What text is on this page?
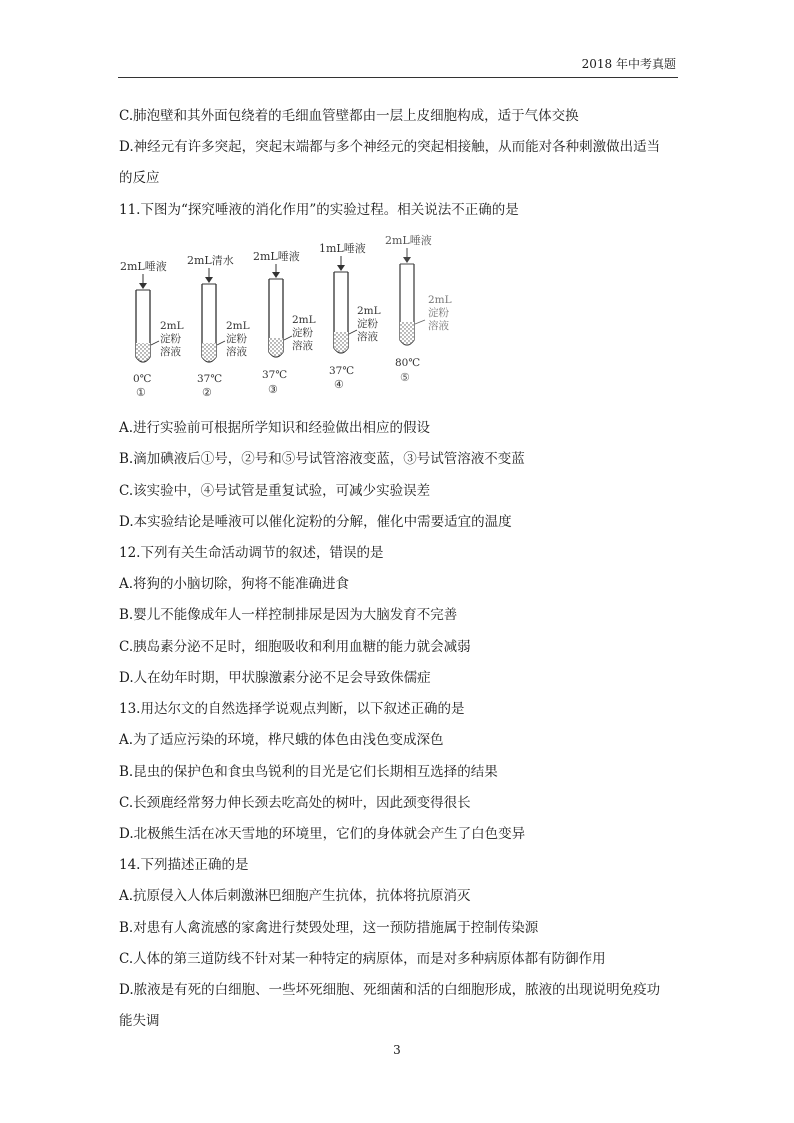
2018 年中考真题
C.肺泡壁和其外面包绕着的毛细血管壁都由一层上皮细胞构成，适于气体交换
D.神经元有许多突起，突起末端都与多个神经元的突起相接触，从而能对各种刺激做出适当
的反应
11.下图为“探究唾液的消化作用”的实验过程。相关说法不正确的是
2mL唾液
2mL
淀粉
溶液
0℃
①
2mL清水
2mL
淀粉
溶液
37℃
②
2mL唾液
2mL
淀粉
溶液
37℃
③
1mL唾液
2mL
淀粉
溶液
37℃
④
2mL唾液
2mL
淀粉
溶液
80℃
⑤
A.进行实验前可根据所学知识和经验做出相应的假设
B.滴加碘液后①号，②号和⑤号试管溶液变蓝，③号试管溶液不变蓝
C.该实验中，④号试管是重复试验，可减少实验误差
D.本实验结论是唾液可以催化淀粉的分解，催化中需要适宜的温度
12.下列有关生命活动调节的叙述，错误的是
A.将狗的小脑切除，狗将不能准确进食
B.婴儿不能像成年人一样控制排尿是因为大脑发育不完善
C.胰岛素分泌不足时，细胞吸收和利用血糖的能力就会减弱
D.人在幼年时期，甲状腺激素分泌不足会导致侏儒症
13.用达尔文的自然选择学说观点判断，以下叙述正确的是
A.为了适应污染的环境，桦尺蛾的体色由浅色变成深色
B.昆虫的保护色和食虫鸟锐利的目光是它们长期相互选择的结果
C.长颈鹿经常努力伸长颈去吃高处的树叶，因此颈变得很长
D.北极熊生活在冰天雪地的环境里，它们的身体就会产生了白色变异
14.下列描述正确的是
A.抗原侵入人体后刺激淋巴细胞产生抗体，抗体将抗原消灭
B.对患有人禽流感的家禽进行焚毁处理，这一预防措施属于控制传染源
C.人体的第三道防线不针对某一种特定的病原体，而是对多种病原体都有防御作用
D.脓液是有死的白细胞、一些坏死细胞、死细菌和活的白细胞形成，脓液的出现说明免疫功
能失调
3
